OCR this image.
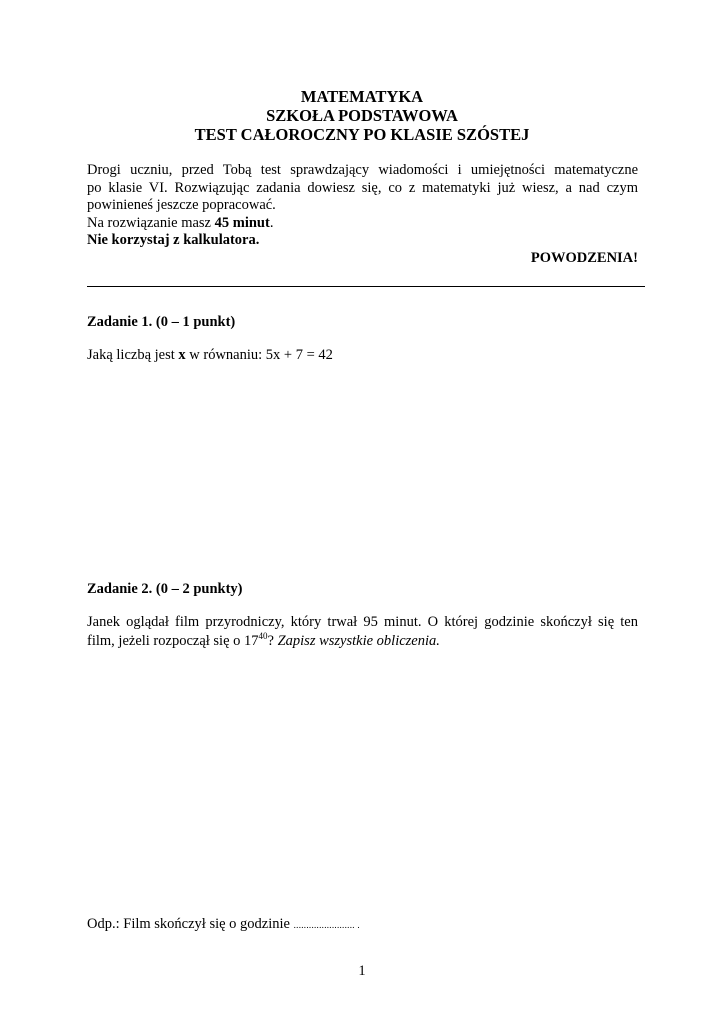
MATEMATYKA
SZKOŁA PODSTAWOWA
TEST CAŁOROCZNY PO KLASIE SZÓSTEJ

Drogi uczniu, przed Tobą test sprawdzający wiadomości i umiejętności matematyczne

po klasie VI. Rozwiązując zadania dowiesz się, co z matematyki już wiesz, a nad czym

powinieneś jeszcze popracować.

Na rozwiązanie masz 45 minut.

Nie korzystaj z kalkulatora.

POWODZENIA!

Zadanie 1. (0 – 1 punkt)
Jaką liczbą jest x w równaniu: 5x + 7 = 42
Zadanie 2. (0 – 2 punkty)
Janek oglądał film przyrodniczy, który trwał 95 minut. O której godzinie skończył się ten
film, jeżeli rozpoczął się o $17^{40}$? Zapisz wszystkie obliczenia.
Odp.: Film skończył się o godzinie ........................ .
1
